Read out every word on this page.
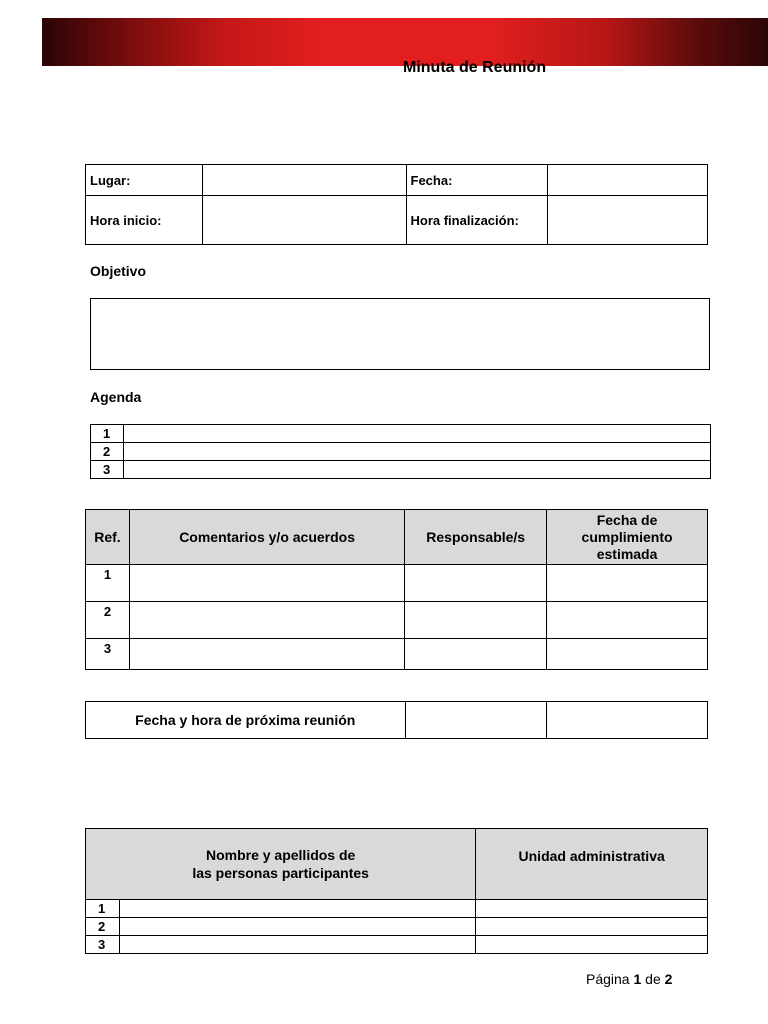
Minuta de Reunión
Lugar:		Fecha:	
Hora inicio:		Hora finalización:	
Objetivo
Agenda
1	
2	
3	
Ref.	Comentarios y/o acuerdos	Responsable/s	Fecha de cumplimiento estimada
1			
2			
3			
Fecha y hora de próxima reunión		
Nombre y apellidos de
las personas participantes		Unidad administrativa
1		
2		
3		
Página 1 de 2
